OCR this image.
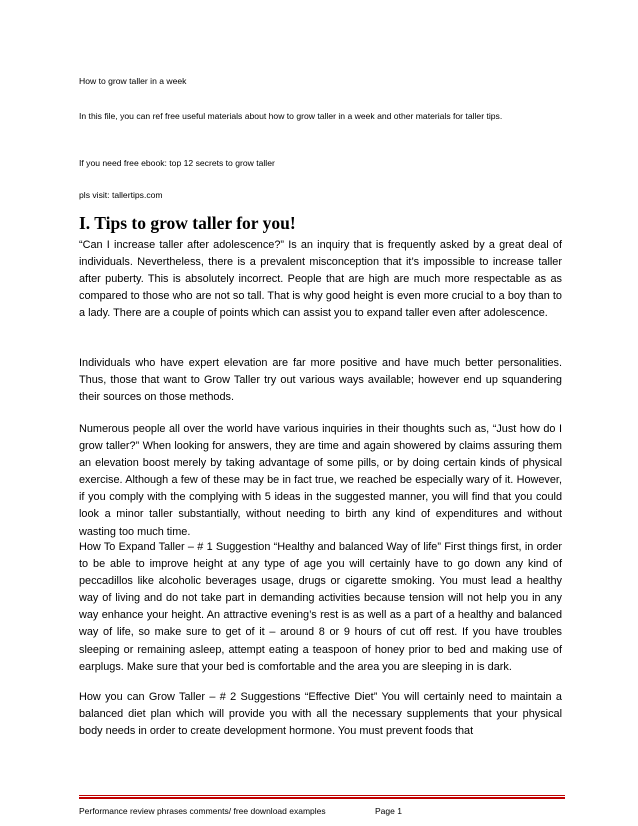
How to grow taller in a week
In this file, you can ref free useful materials about how to grow taller in a week and other materials for taller tips.
If you need free ebook: top 12 secrets to grow taller
pls visit: tallertips.com
I. Tips to grow taller for you!

“Can I increase taller after adolescence?” Is an inquiry that is frequently asked by a great deal of individuals. Nevertheless, there is a prevalent misconception that it’s impossible to increase taller after puberty. This is absolutely incorrect. People that are high are much more respectable as as compared to those who are not so tall. That is why good height is even more crucial to a boy than to a lady. There are a couple of points which can assist you to expand taller even after adolescence.

Individuals who have expert elevation are far more positive and have much better personalities. Thus, those that want to Grow Taller try out various ways available; however end up squandering their sources on those methods.

Numerous people all over the world have various inquiries in their thoughts such as, “Just how do I grow taller?” When looking for answers, they are time and again showered by claims assuring them an elevation boost merely by taking advantage of some pills, or by doing certain kinds of physical exercise. Although a few of these may be in fact true, we reached be especially wary of it. However, if you comply with the complying with 5 ideas in the suggested manner, you will find that you could look a minor taller substantially, without needing to birth any kind of expenditures and without wasting too much time.

How To Expand Taller – # 1 Suggestion “Healthy and balanced Way of life” First things first, in order to be able to improve height at any type of age you will certainly have to go down any kind of peccadillos like alcoholic beverages usage, drugs or cigarette smoking. You must lead a healthy way of living and do not take part in demanding activities because tension will not help you in any way enhance your height. An attractive evening’s rest is as well as a part of a healthy and balanced way of life, so make sure to get of it – around 8 or 9 hours of cut off rest. If you have troubles sleeping or remaining asleep, attempt eating a teaspoon of honey prior to bed and making use of earplugs. Make sure that your bed is comfortable and the area you are sleeping in is dark.

How you can Grow Taller – # 2 Suggestions “Effective Diet” You will certainly need to maintain a balanced diet plan which will provide you with all the necessary supplements that your physical body needs in order to create development hormone. You must prevent foods that

Performance review phrases comments/ free download examples	Page 1
